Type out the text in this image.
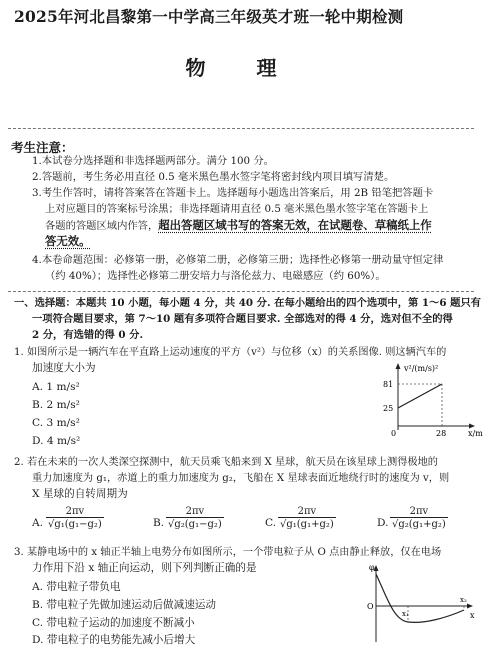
2025年河北昌黎第一中学高三年级英才班一轮中期检测
物 理
考生注意：
1.本试卷分选择题和非选择题两部分。满分 100 分。
2.答题前，考生务必用直径 0.5 毫米黑色墨水签字笔将密封线内项目填写清楚。
3.考生作答时，请将答案答在答题卡上。选择题每小题选出答案后，用 2B 铅笔把答题卡
上对应题目的答案标号涂黑；非选择题请用直径 0.5 毫米黑色墨水签字笔在答题卡上
各题的答题区域内作答，超出答题区域书写的答案无效，在试题卷、草稿纸上作
答无效。
4.本卷命题范围：必修第一册，必修第二册，必修第三册；选择性必修第一册动量守恒定律
（约 40%）；选择性必修第二册安培力与洛伦兹力、电磁感应（约 60%）。
一、选择题：本题共 10 小题，每小题 4 分，共 40 分. 在每小题给出的四个选项中，第 1～6 题只有
一项符合题目要求，第 7～10 题有多项符合题目要求. 全部选对的得 4 分，选对但不全的得
2 分，有选错的得 0 分.
1. 如图所示是一辆汽车在平直路上运动速度的平方（v²）与位移（x）的关系图像. 则这辆汽车的
加速度大小为
A. 1 m/s²
B. 2 m/s²
C. 3 m/s²
D. 4 m/s²
v²/(m/s)²
x/m
0
81
25
28
2. 若在未来的一次人类深空探测中，航天员乘飞船来到 X 星球，航天员在该星球上测得极地的
重力加速度为 g₁，赤道上的重力加速度为 g₂，飞船在 X 星球表面近地绕行时的速度为 v，则
X 星球的自转周期为
A. $\frac{2\pi v}{\text{√g₁(g₁−g₂)}}$	B. $\frac{2\pi v}{\text{√g₂(g₁−g₂)}}$	C. $\frac{2\pi v}{\text{√g₁(g₁+g₂)}}$	D. $\frac{2\pi v}{\text{√g₂(g₁+g₂)}}$
3. 某静电场中的 x 轴正半轴上电势分布如图所示，一个带电粒子从 O 点由静止释放，仅在电场
力作用下沿 x 轴正向运动，则下列判断正确的是
A. 带电粒子带负电
B. 带电粒子先做加速运动后做减速运动
C. 带电粒子运动的加速度不断减小
D. 带电粒子的电势能先减小后增大
φ
x
O
x₁
x₂
